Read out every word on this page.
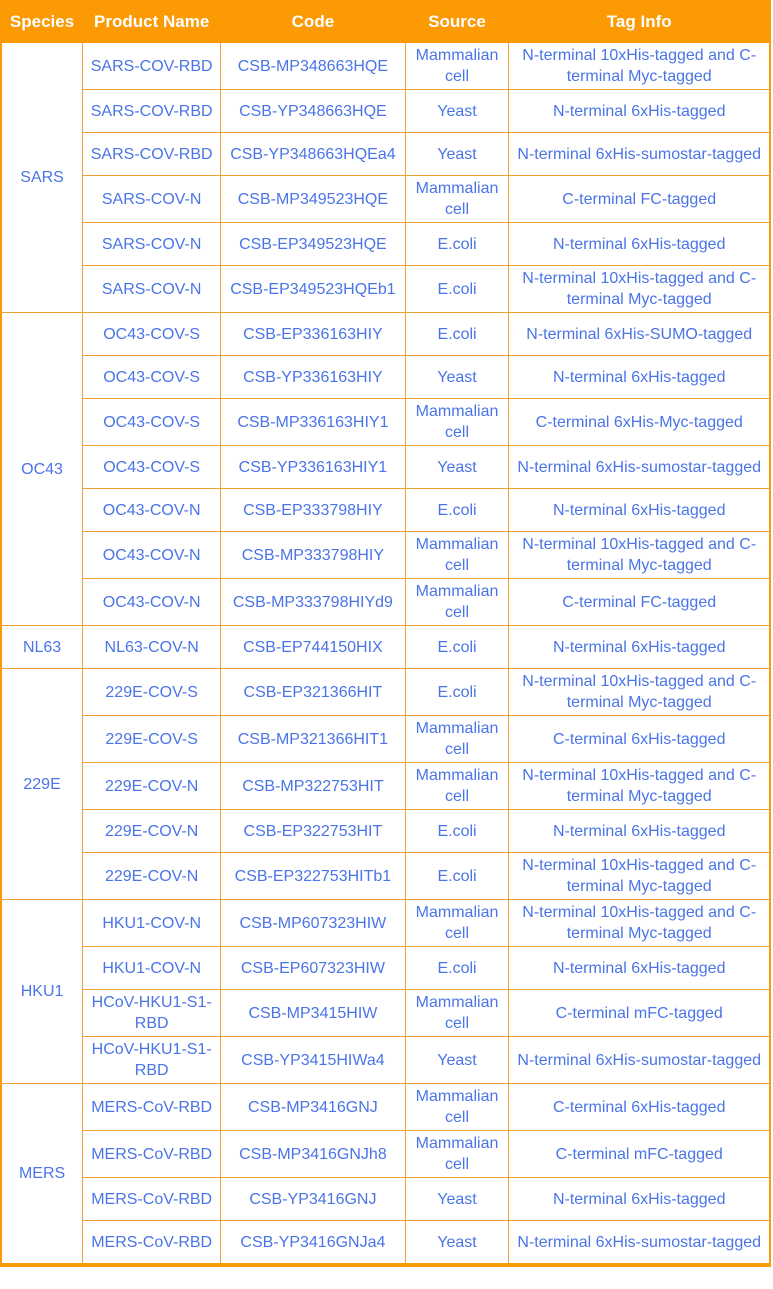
Species	Product Name	Code	Source	Tag Info
SARS	SARS-COV-RBD	CSB-MP348663HQE	Mammalian cell	N-terminal 10xHis-tagged and C-terminal Myc-tagged
	SARS-COV-RBD	CSB-YP348663HQE	Yeast	N-terminal 6xHis-tagged
	SARS-COV-RBD	CSB-YP348663HQEa4	Yeast	N-terminal 6xHis-sumostar-tagged
	SARS-COV-N	CSB-MP349523HQE	Mammalian cell	C-terminal FC-tagged
	SARS-COV-N	CSB-EP349523HQE	E.coli	N-terminal 6xHis-tagged
	SARS-COV-N	CSB-EP349523HQEb1	E.coli	N-terminal 10xHis-tagged and C-terminal Myc-tagged
OC43	OC43-COV-S	CSB-EP336163HIY	E.coli	N-terminal 6xHis-SUMO-tagged
	OC43-COV-S	CSB-YP336163HIY	Yeast	N-terminal 6xHis-tagged
	OC43-COV-S	CSB-MP336163HIY1	Mammalian cell	C-terminal 6xHis-Myc-tagged
	OC43-COV-S	CSB-YP336163HIY1	Yeast	N-terminal 6xHis-sumostar-tagged
	OC43-COV-N	CSB-EP333798HIY	E.coli	N-terminal 6xHis-tagged
	OC43-COV-N	CSB-MP333798HIY	Mammalian cell	N-terminal 10xHis-tagged and C-terminal Myc-tagged
	OC43-COV-N	CSB-MP333798HIYd9	Mammalian cell	C-terminal FC-tagged
NL63	NL63-COV-N	CSB-EP744150HIX	E.coli	N-terminal 6xHis-tagged
229E	229E-COV-S	CSB-EP321366HIT	E.coli	N-terminal 10xHis-tagged and C-terminal Myc-tagged
	229E-COV-S	CSB-MP321366HIT1	Mammalian cell	C-terminal 6xHis-tagged
	229E-COV-N	CSB-MP322753HIT	Mammalian cell	N-terminal 10xHis-tagged and C-terminal Myc-tagged
	229E-COV-N	CSB-EP322753HIT	E.coli	N-terminal 6xHis-tagged
	229E-COV-N	CSB-EP322753HITb1	E.coli	N-terminal 10xHis-tagged and C-terminal Myc-tagged
HKU1	HKU1-COV-N	CSB-MP607323HIW	Mammalian cell	N-terminal 10xHis-tagged and C-terminal Myc-tagged
	HKU1-COV-N	CSB-EP607323HIW	E.coli	N-terminal 6xHis-tagged
	HCoV-HKU1-S1-RBD	CSB-MP3415HIW	Mammalian cell	C-terminal mFC-tagged
	HCoV-HKU1-S1-RBD	CSB-YP3415HIWa4	Yeast	N-terminal 6xHis-sumostar-tagged
MERS	MERS-CoV-RBD	CSB-MP3416GNJ	Mammalian cell	C-terminal 6xHis-tagged
	MERS-CoV-RBD	CSB-MP3416GNJh8	Mammalian cell	C-terminal mFC-tagged
	MERS-CoV-RBD	CSB-YP3416GNJ	Yeast	N-terminal 6xHis-tagged
	MERS-CoV-RBD	CSB-YP3416GNJa4	Yeast	N-terminal 6xHis-sumostar-tagged
